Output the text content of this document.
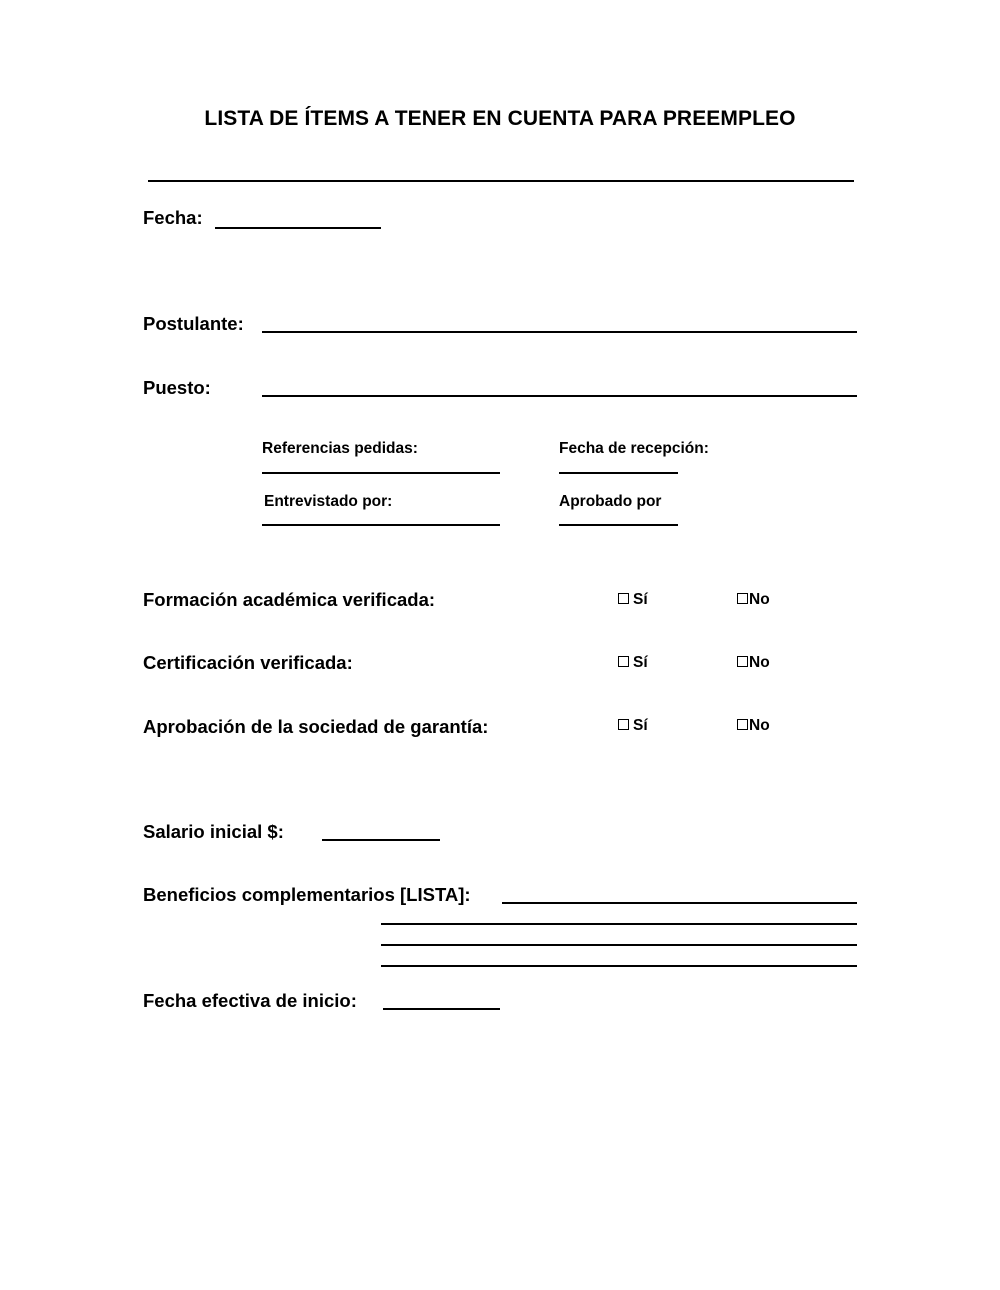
LISTA DE ÍTEMS A TENER EN CUENTA PARA PREEMPLEO
Fecha:
Postulante:
Puesto:
Referencias pedidas:	Fecha de recepción:
Entrevistado por:	Aprobado por
Formación académica verificada:	Sí	No
Certificación verificada:	Sí	No
Aprobación de la sociedad de garantía:	Sí	No
Salario inicial $:
Beneficios complementarios [LISTA]:
Fecha efectiva de inicio:
